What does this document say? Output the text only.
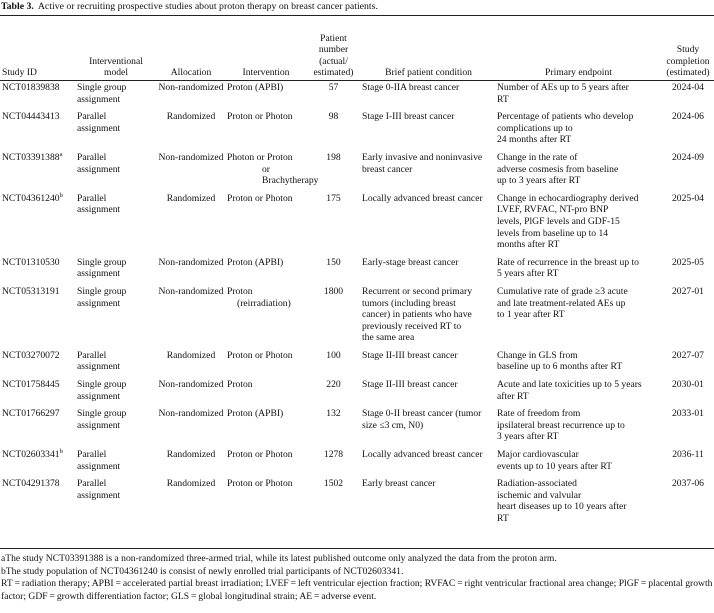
Table 3. Active or recruiting prospective studies about proton therapy on breast cancer patients.
Study ID	Interventional
model	Allocation	Intervention	Patient
number
(actual/
estimated)	Brief patient condition	Primary endpoint	Study
completion
(estimated)
NCT01839838	Single group
assignment	Non-randomized	Proton (APBI)	57	Stage 0-IIA breast cancer	Number of AEs up to 5 years after
RT	2024-04
NCT04443413	Parallel
assignment	Randomized	Proton or Photon	98	Stage I-III breast cancer	Percentage of patients who develop
complications up to
24 months after RT	2024-06
NCT03391388$^a$	Parallel
assignment	Non-randomized	Photon or Proton
or
Brachytherapy	198	Early invasive and noninvasive
breast cancer	Change in the rate of
adverse cosmesis from baseline
up to 3 years after RT	2024-09
NCT04361240$^b$	Parallel
assignment	Randomized	Proton or Photon	175	Locally advanced breast cancer	Change in echocardiography derived
LVEF, RVFAC, NT-pro BNP
levels, PlGF levels and GDF-15
levels from baseline up to 14
months after RT	2025-04
NCT01310530	Single group
assignment	Non-randomized	Proton (APBI)	150	Early-stage breast cancer	Rate of recurrence in the breast up to
5 years after RT	2025-05
NCT05313191	Single group
assignment	Non-randomized	Proton
(reirradiation)	1800	Recurrent or second primary
tumors (including breast
cancer) in patients who have
previously received RT to
the same area	Cumulative rate of grade ≥3 acute
and late treatment-related AEs up
to 1 year after RT	2027-01
NCT03270072	Parallel
assignment	Randomized	Proton or Photon	100	Stage II-III breast cancer	Change in GLS from
baseline up to 6 months after RT	2027-07
NCT01758445	Single group
assignment	Non-randomized	Proton	220	Stage II-III breast cancer	Acute and late toxicities up to 5 years
after RT	2030-01
NCT01766297	Single group
assignment	Non-randomized	Proton (APBI)	132	Stage 0-II breast cancer (tumor
size ≤3 cm, N0)	Rate of freedom from
ipsilateral breast recurrence up to
3 years after RT	2033-01
NCT02603341$^b$	Parallel
assignment	Randomized	Proton or Photon	1278	Locally advanced breast cancer	Major cardiovascular
events up to 10 years after RT	2036-11
NCT04291378	Parallel
assignment	Randomized	Proton or Photon	1502	Early breast cancer	Radiation-associated
ischemic and valvular
heart diseases up to 10 years after
RT	2037-06
aThe study NCT03391388 is a non-randomized three-armed trial, while its latest published outcome only analyzed the data from the proton arm.
bThe study population of NCT04361240 is consist of newly enrolled trial participants of NCT02603341.
RT = radiation therapy; APBI = accelerated partial breast irradiation; LVEF = left ventricular ejection fraction; RVFAC = right ventricular fractional area change; PlGF = placental growth factor; GDF = growth differentiation factor; GLS = global longitudinal strain; AE = adverse event.
